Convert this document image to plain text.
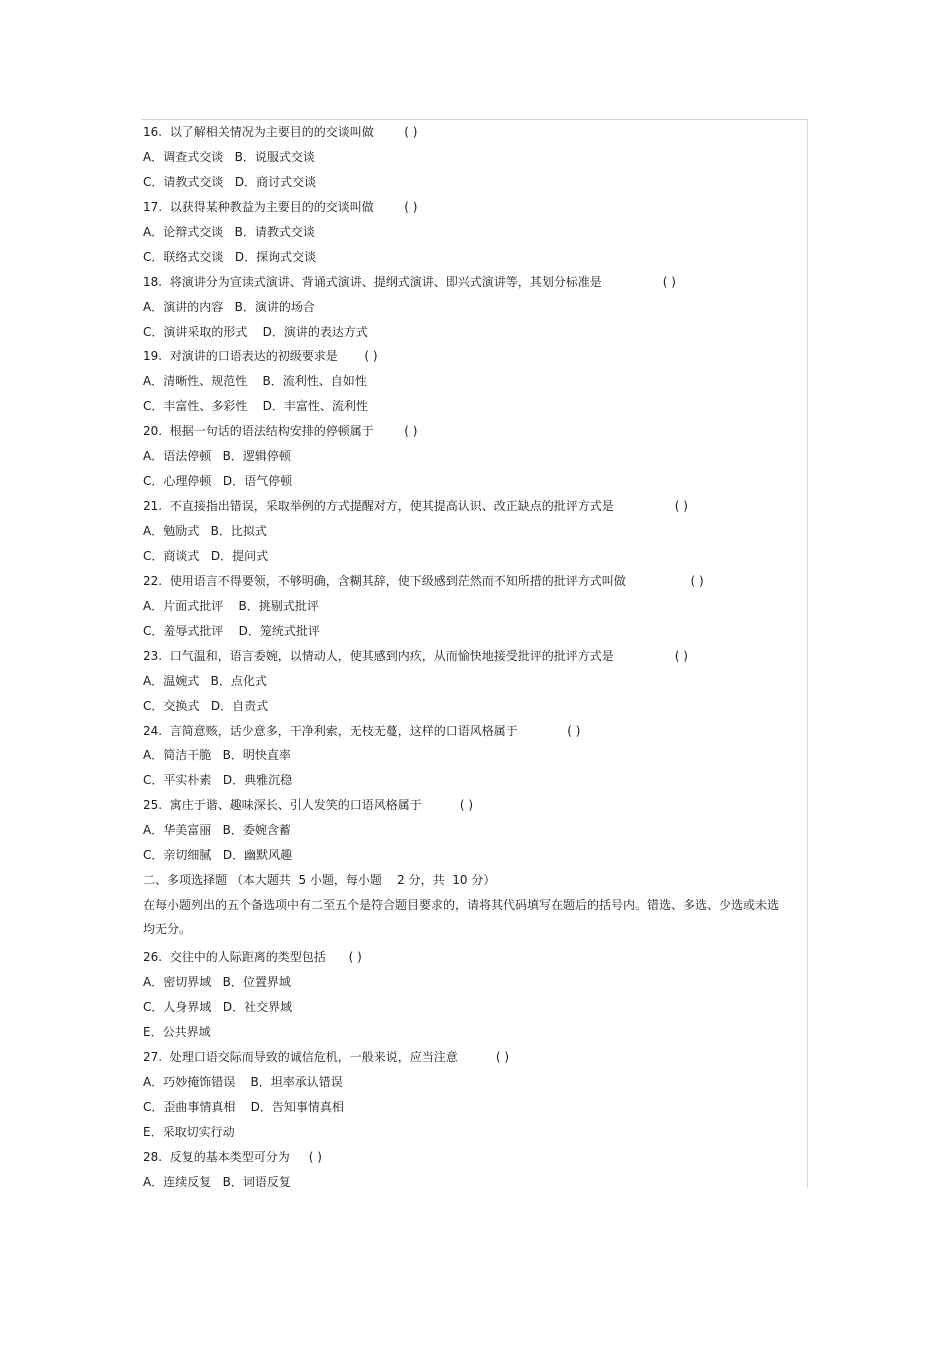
16.  以了解相关情况为主要目的的交谈叫做        ( )
A．调查式交谈   B．说服式交谈
C．请教式交谈   D．商讨式交谈
17.  以获得某种教益为主要目的的交谈叫做        ( )
A．论辩式交谈   B．请教式交谈
C．联络式交谈   D．探询式交谈
18.  将演讲分为宣读式演讲、背诵式演讲、提纲式演讲、即兴式演讲等，其划分标准是                ( )
A．演讲的内容   B．演讲的场合
C．演讲采取的形式    D．演讲的表达方式
19.  对演讲的口语表达的初级要求是       ( )
A．清晰性、规范性    B．流利性、自如性
C．丰富性、多彩性    D．丰富性、流利性
20.  根据一句话的语法结构安排的停顿属于        ( )
A．语法停顿   B．逻辑停顿
C．心理停顿   D．语气停顿
21.  不直接指出错误，采取举例的方式提醒对方，使其提高认识、改正缺点的批评方式是                ( )
A．勉励式   B．比拟式
C．商谈式   D．提问式
22.  使用语言不得要领，不够明确，含糊其辞，使下级感到茫然而不知所措的批评方式叫做                 ( )
A．片面式批评    B．挑剔式批评
C．羞辱式批评    D．笼统式批评
23.  口气温和，语言委婉，以情动人，使其感到内疚，从而愉快地接受批评的批评方式是                ( )
A．温婉式   B．点化式
C．交换式   D．自责式
24.  言简意赅，话少意多，干净利索，无枝无蔓，这样的口语风格属于             ( )
A．简洁干脆   B．明快直率
C．平实朴素   D．典雅沉稳
25.  寓庄于谐、趣味深长、引人发笑的口语风格属于          ( )
A．华美富丽   B．委婉含蓄
C．亲切细腻   D．幽默风趣
二、多项选择题 （本大题共  5 小题，每小题    2 分，共  10 分）
在每小题列出的五个备选项中有二至五个是符合题目要求的，请将其代码填写在题后的括号内。错选、多选、少选或未选均无分。
26.  交往中的人际距离的类型包括      ( )
A．密切界域   B．位置界域
C．人身界域   D．社交界域
E．公共界域
27.  处理口语交际而导致的诚信危机，一般来说，应当注意          ( )
A．巧妙掩饰错误    B．坦率承认错误
C．歪曲事情真相    D．告知事情真相
E．采取切实行动
28.  反复的基本类型可分为     ( )
A．连续反复   B．词语反复
